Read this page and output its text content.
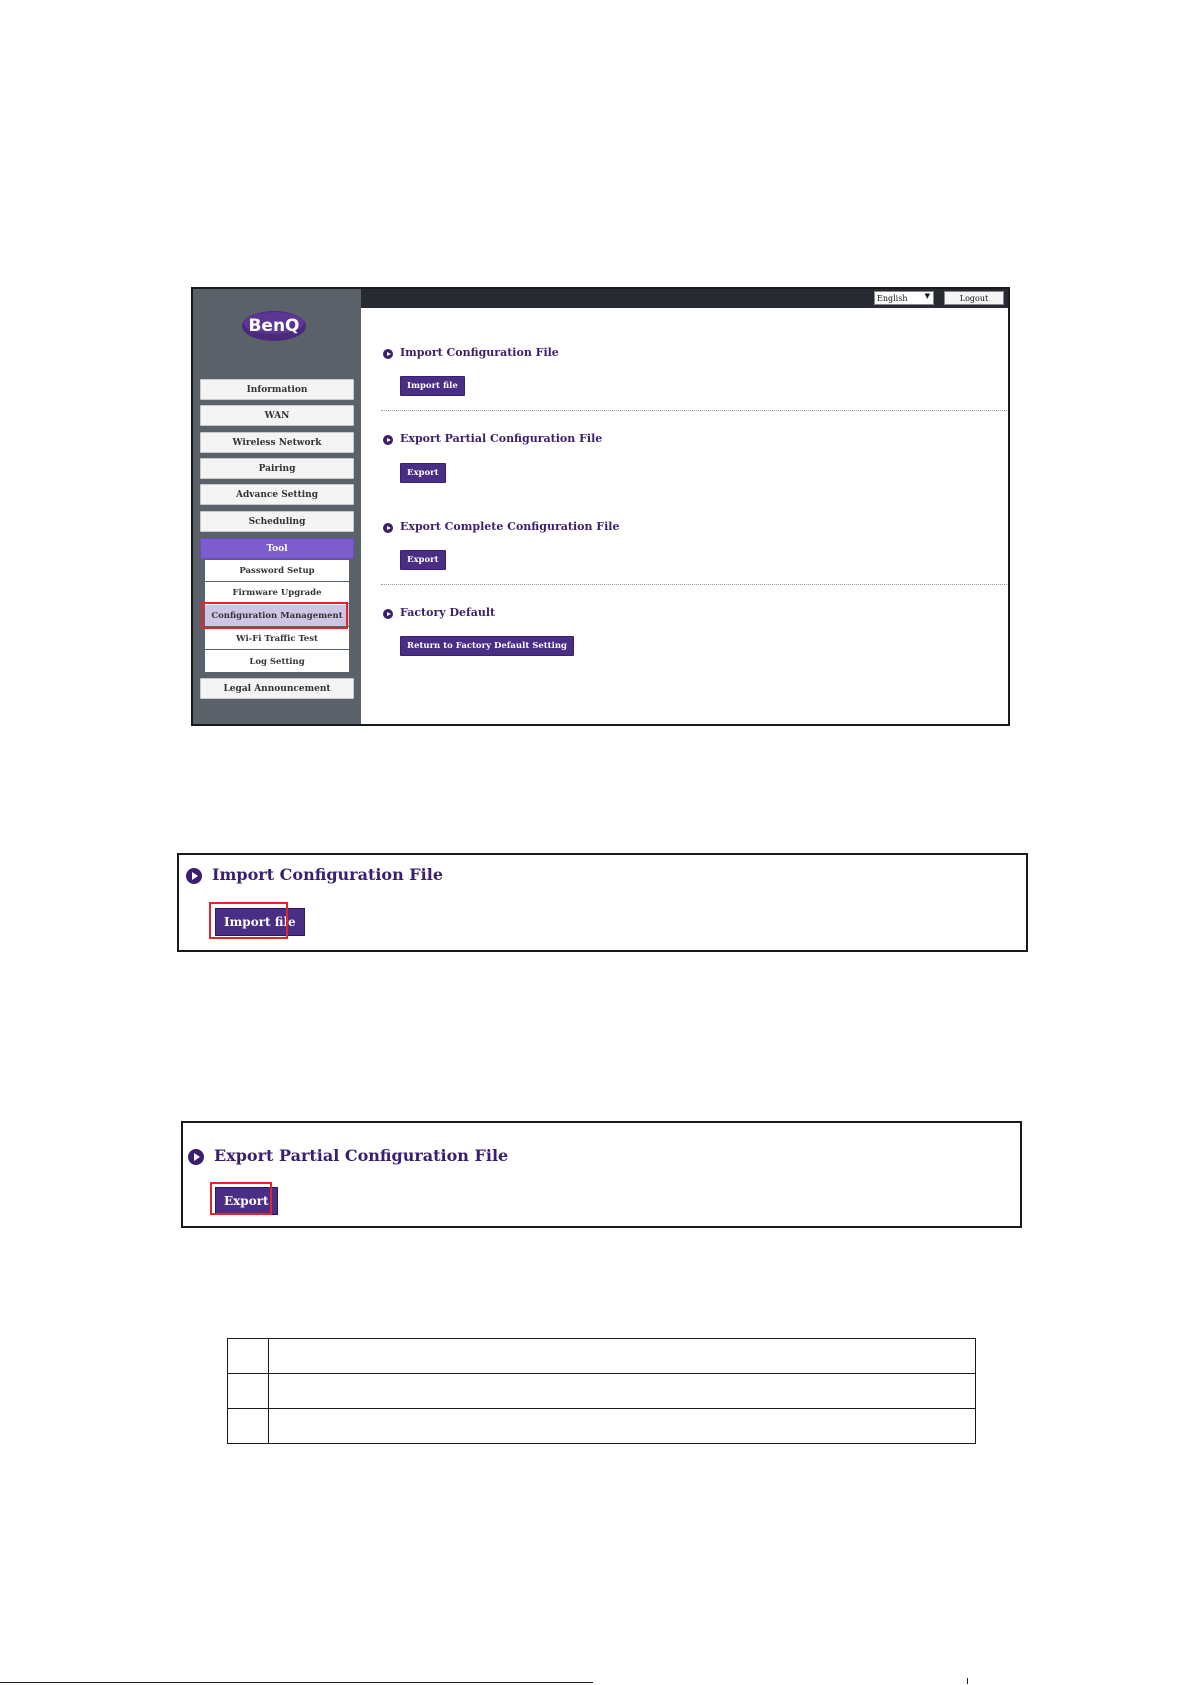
BenQ
Information
WAN
Wireless Network
Pairing
Advance Setting
Scheduling
Tool
Password Setup
Firmware Upgrade
Configuration Management
Wi-Fi Traffic Test
Log Setting
Legal Announcement
English ▼	Logout
Import Configuration File
Import file
Export Partial Configuration File
Export
Export Complete Configuration File
Export
Factory Default
Return to Factory Default Setting
Import Configuration File
Import file
Export Partial Configuration File
Export
